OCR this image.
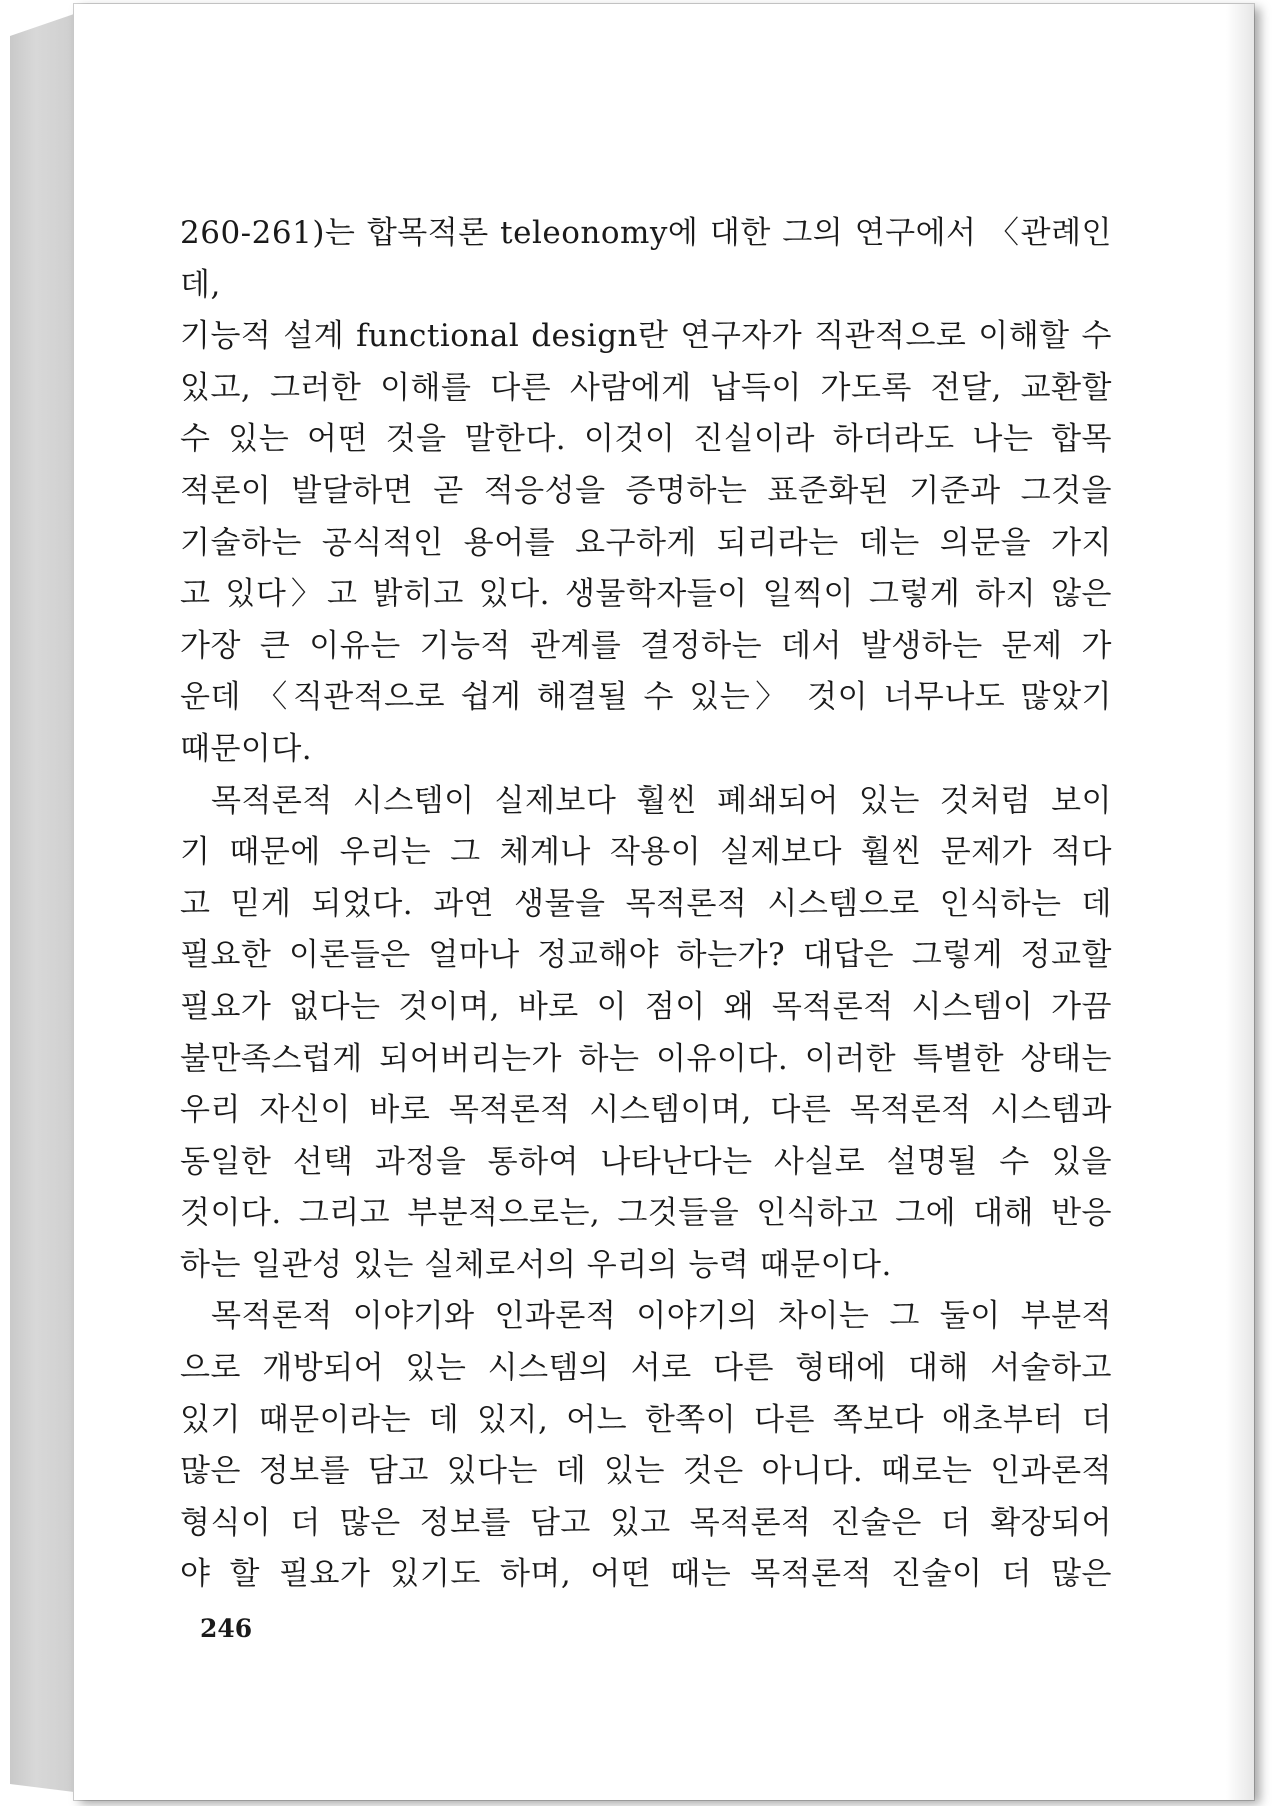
260-261)는 합목적론 teleonomy에 대한 그의 연구에서 〈관례인데,

기능적 설계 functional design란 연구자가 직관적으로 이해할 수

있고, 그러한 이해를 다른 사람에게 납득이 가도록 전달, 교환할

수 있는 어떤 것을 말한다. 이것이 진실이라 하더라도 나는 합목

적론이 발달하면 곧 적응성을 증명하는 표준화된 기준과 그것을

기술하는 공식적인 용어를 요구하게 되리라는 데는 의문을 가지

고 있다〉고 밝히고 있다. 생물학자들이 일찍이 그렇게 하지 않은

가장 큰 이유는 기능적 관계를 결정하는 데서 발생하는 문제 가

운데 〈직관적으로 쉽게 해결될 수 있는〉 것이 너무나도 많았기

때문이다.

목적론적 시스템이 실제보다 훨씬 폐쇄되어 있는 것처럼 보이

기 때문에 우리는 그 체계나 작용이 실제보다 훨씬 문제가 적다

고 믿게 되었다. 과연 생물을 목적론적 시스템으로 인식하는 데

필요한 이론들은 얼마나 정교해야 하는가? 대답은 그렇게 정교할

필요가 없다는 것이며, 바로 이 점이 왜 목적론적 시스템이 가끔

불만족스럽게 되어버리는가 하는 이유이다. 이러한 특별한 상태는

우리 자신이 바로 목적론적 시스템이며, 다른 목적론적 시스템과

동일한 선택 과정을 통하여 나타난다는 사실로 설명될 수 있을

것이다. 그리고 부분적으로는, 그것들을 인식하고 그에 대해 반응

하는 일관성 있는 실체로서의 우리의 능력 때문이다.

목적론적 이야기와 인과론적 이야기의 차이는 그 둘이 부분적

으로 개방되어 있는 시스템의 서로 다른 형태에 대해 서술하고

있기 때문이라는 데 있지, 어느 한쪽이 다른 쪽보다 애초부터 더

많은 정보를 담고 있다는 데 있는 것은 아니다. 때로는 인과론적

형식이 더 많은 정보를 담고 있고 목적론적 진술은 더 확장되어

야 할 필요가 있기도 하며, 어떤 때는 목적론적 진술이 더 많은

246
